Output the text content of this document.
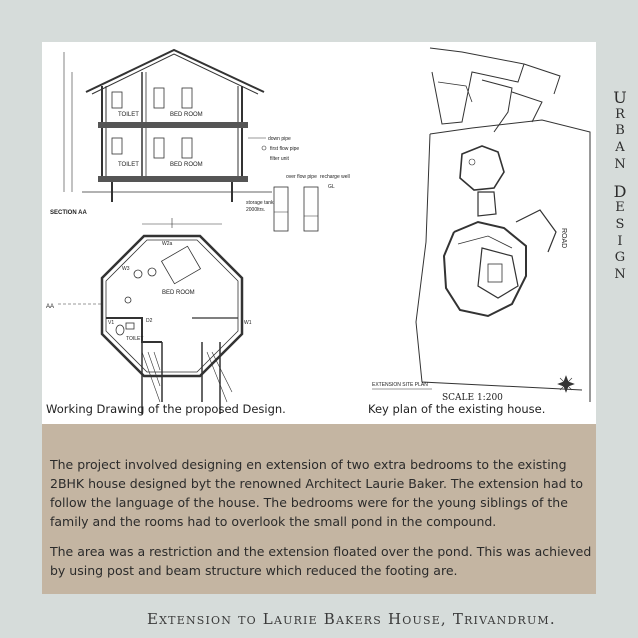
TOILET	BED ROOM
TOILET	BED ROOM
SECTION AA
down pipe
first flow pipe
filter unit
over flow pipe recharge well
storage tank
2000ltrs.
GL
BED ROOM
TOILET
AA
W2a
W1
V1
W3
D2
ROAD
EXTENSION SITE PLAN
SCALE 1:200
Working Drawing of the proposed Design.	Key plan of the existing house.

The project involved designing en extension of two extra bedrooms to the existing 2BHK house designed byt the renowned Architect Laurie Baker. The extension had to follow the language of the house. The bedrooms were for the young siblings of the family and the rooms had to overlook the small pond in the compound.

The area was a restriction and the extension floated over the pond. This was achieved by using post and beam structure which reduced the footing are.

U
R
B
A
N
D
E
S
I
G
N
Extension to Laurie Bakers House, Trivandrum.
